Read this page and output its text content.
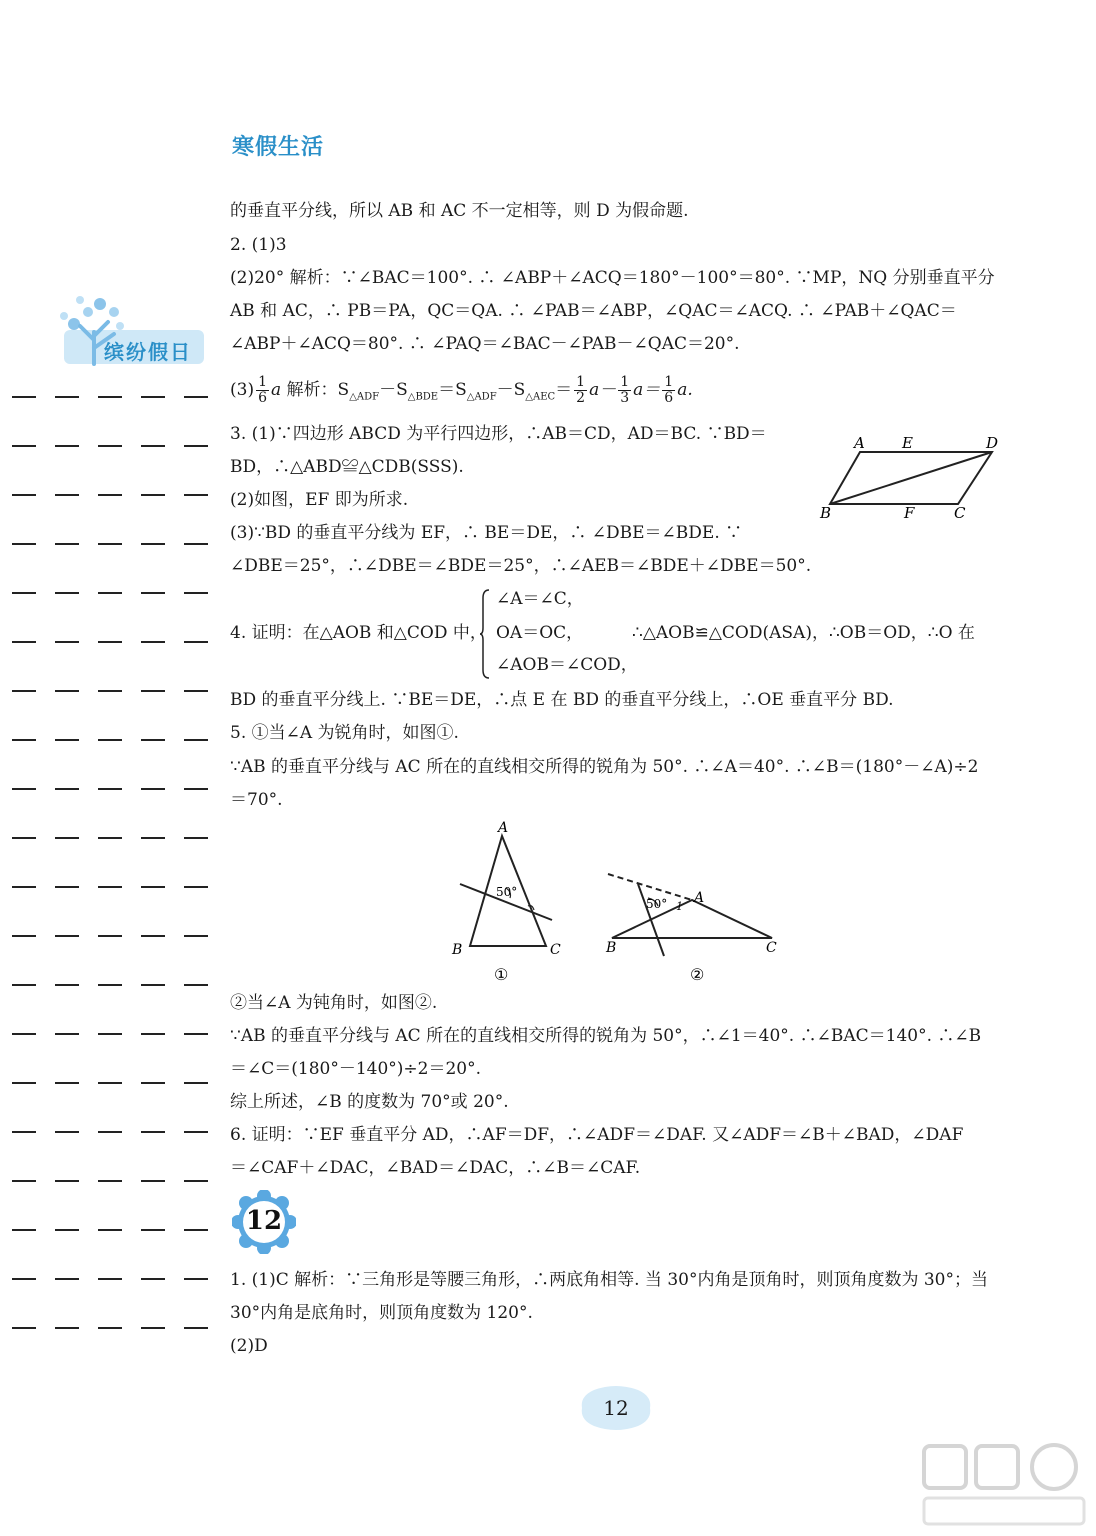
寒假生活
缤纷假日
的垂直平分线，所以 AB 和 AC 不一定相等，则 D 为假命题.
2. (1)3
(2)20° 解析：∵∠BAC＝100°. ∴ ∠ABP＋∠ACQ＝180°－100°＝80°. ∵MP，NQ 分别垂直平分
AB 和 AC，∴ PB＝PA，QC＝QA. ∴ ∠PAB＝∠ABP，∠QAC＝∠ACQ. ∴ ∠PAB＋∠QAC＝
∠ABP＋∠ACQ＝80°. ∴ ∠PAQ＝∠BAC－∠PAB－∠QAC＝20°.
$(3) \frac{1}{6}$ a 解析：$S_{\triangle ADF}-S_{\triangle BDE}=S_{\triangle ADF}-S_{\triangle AEC}= \frac{1}{2} a- \frac{1}{3} a= \frac{1}{6} a$.
3. (1)∵四边形 ABCD 为平行四边形，∴AB＝CD，AD＝BC. ∵BD＝
BD，∴△ABD≌△CDB(SSS).
(2)如图，EF 即为所求.
(3)∵BD 的垂直平分线为 EF，∴ BE＝DE，∴ ∠DBE＝∠BDE. ∵
∠DBE＝25°，∴∠DBE＝∠BDE＝25°，∴∠AEB＝∠BDE＋∠DBE＝50°.
A E	D
B	F	C
4. 证明：在△AOB 和△COD 中，
∠A＝∠C，
OA＝OC，
∠AOB＝∠COD，
∴△AOB≌△COD(ASA)，∴OB＝OD，∴O 在
BD 的垂直平分线上. ∵BE＝DE，∴点 E 在 BD 的垂直平分线上，∴OE 垂直平分 BD.
5. ①当∠A 为锐角时，如图①.
∵AB 的垂直平分线与 AC 所在的直线相交所得的锐角为 50°. ∴∠A＝40°. ∴∠B＝(180°－∠A)÷2
＝70°.
A
50°
B	C
①
A
50° 1
B	C
②
②当∠A 为钝角时，如图②.
∵AB 的垂直平分线与 AC 所在的直线相交所得的锐角为 50°，∴∠1＝40°. ∴∠BAC＝140°. ∴∠B
＝∠C＝(180°－140°)÷2＝20°.
综上所述，∠B 的度数为 70°或 20°.
6. 证明：∵EF 垂直平分 AD，∴AF＝DF，∴∠ADF＝∠DAF. 又∠ADF＝∠B＋∠BAD，∠DAF
＝∠CAF＋∠DAC，∠BAD＝∠DAC，∴∠B＝∠CAF.
12
1. (1)C 解析：∵三角形是等腰三角形，∴两底角相等. 当 30°内角是顶角时，则顶角度数为 30°；当
30°内角是底角时，则顶角度数为 120°.
(2)D
12
